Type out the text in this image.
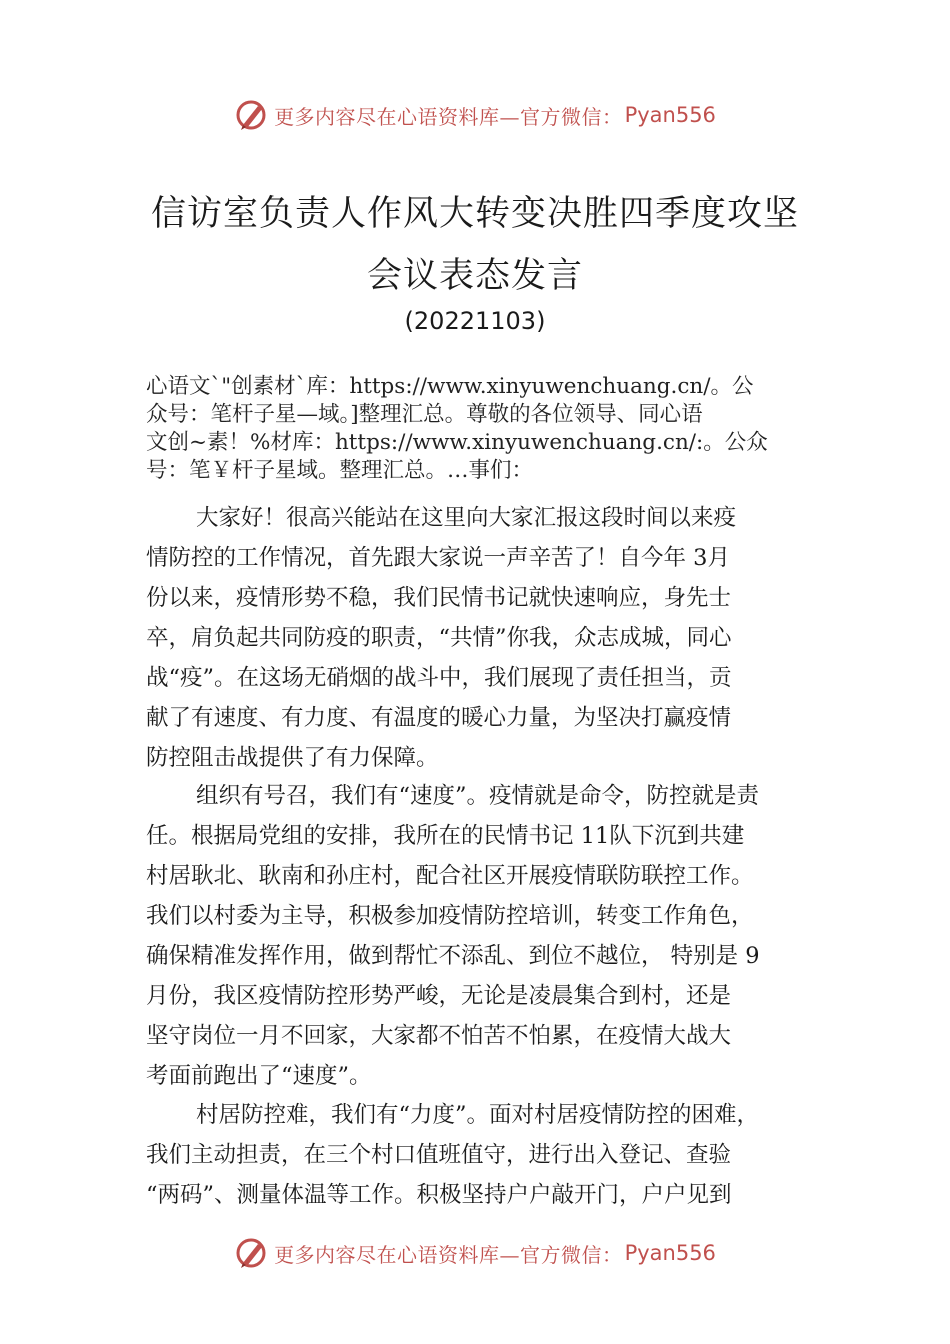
更多内容尽在心语资料库—官方微信： Pyan556
信访室负责人作风大转变决胜四季度攻坚
会议表态发言
(20221103)
心语文`"创素材`库：https://www.xinyuwenchuang.cn/。公
众号：笔杆子星—域。]整理汇总。尊敬的各位领导、同心语
文创~素！%材库：https://www.xinyuwenchuang.cn/:。公众
号：笔￥杆子星域。整理汇总。…事们：
大家好！很高兴能站在这里向大家汇报这段时间以来疫
情防控的工作情况，首先跟大家说一声辛苦了！自今年 3月
份以来，疫情形势不稳，我们民情书记就快速响应，身先士
卒，肩负起共同防疫的职责，“共情”你我，众志成城，同心
战“疫”。在这场无硝烟的战斗中，我们展现了责任担当，贡
献了有速度、有力度、有温度的暖心力量，为坚决打赢疫情
防控阻击战提供了有力保障。
组织有号召，我们有“速度”。疫情就是命令，防控就是责
任。根据局党组的安排，我所在的民情书记 11队下沉到共建
村居耿北、耿南和孙庄村，配合社区开展疫情联防联控工作。
我们以村委为主导，积极参加疫情防控培训，转变工作角色，
确保精准发挥作用，做到帮忙不添乱、到位不越位， 特别是 9
月份，我区疫情防控形势严峻，无论是凌晨集合到村，还是
坚守岗位一月不回家，大家都不怕苦不怕累，在疫情大战大
考面前跑出了“速度”。
村居防控难，我们有“力度”。面对村居疫情防控的困难，
我们主动担责，在三个村口值班值守，进行出入登记、查验
“两码”、测量体温等工作。积极坚持户户敲开门，户户见到
更多内容尽在心语资料库—官方微信： Pyan556
